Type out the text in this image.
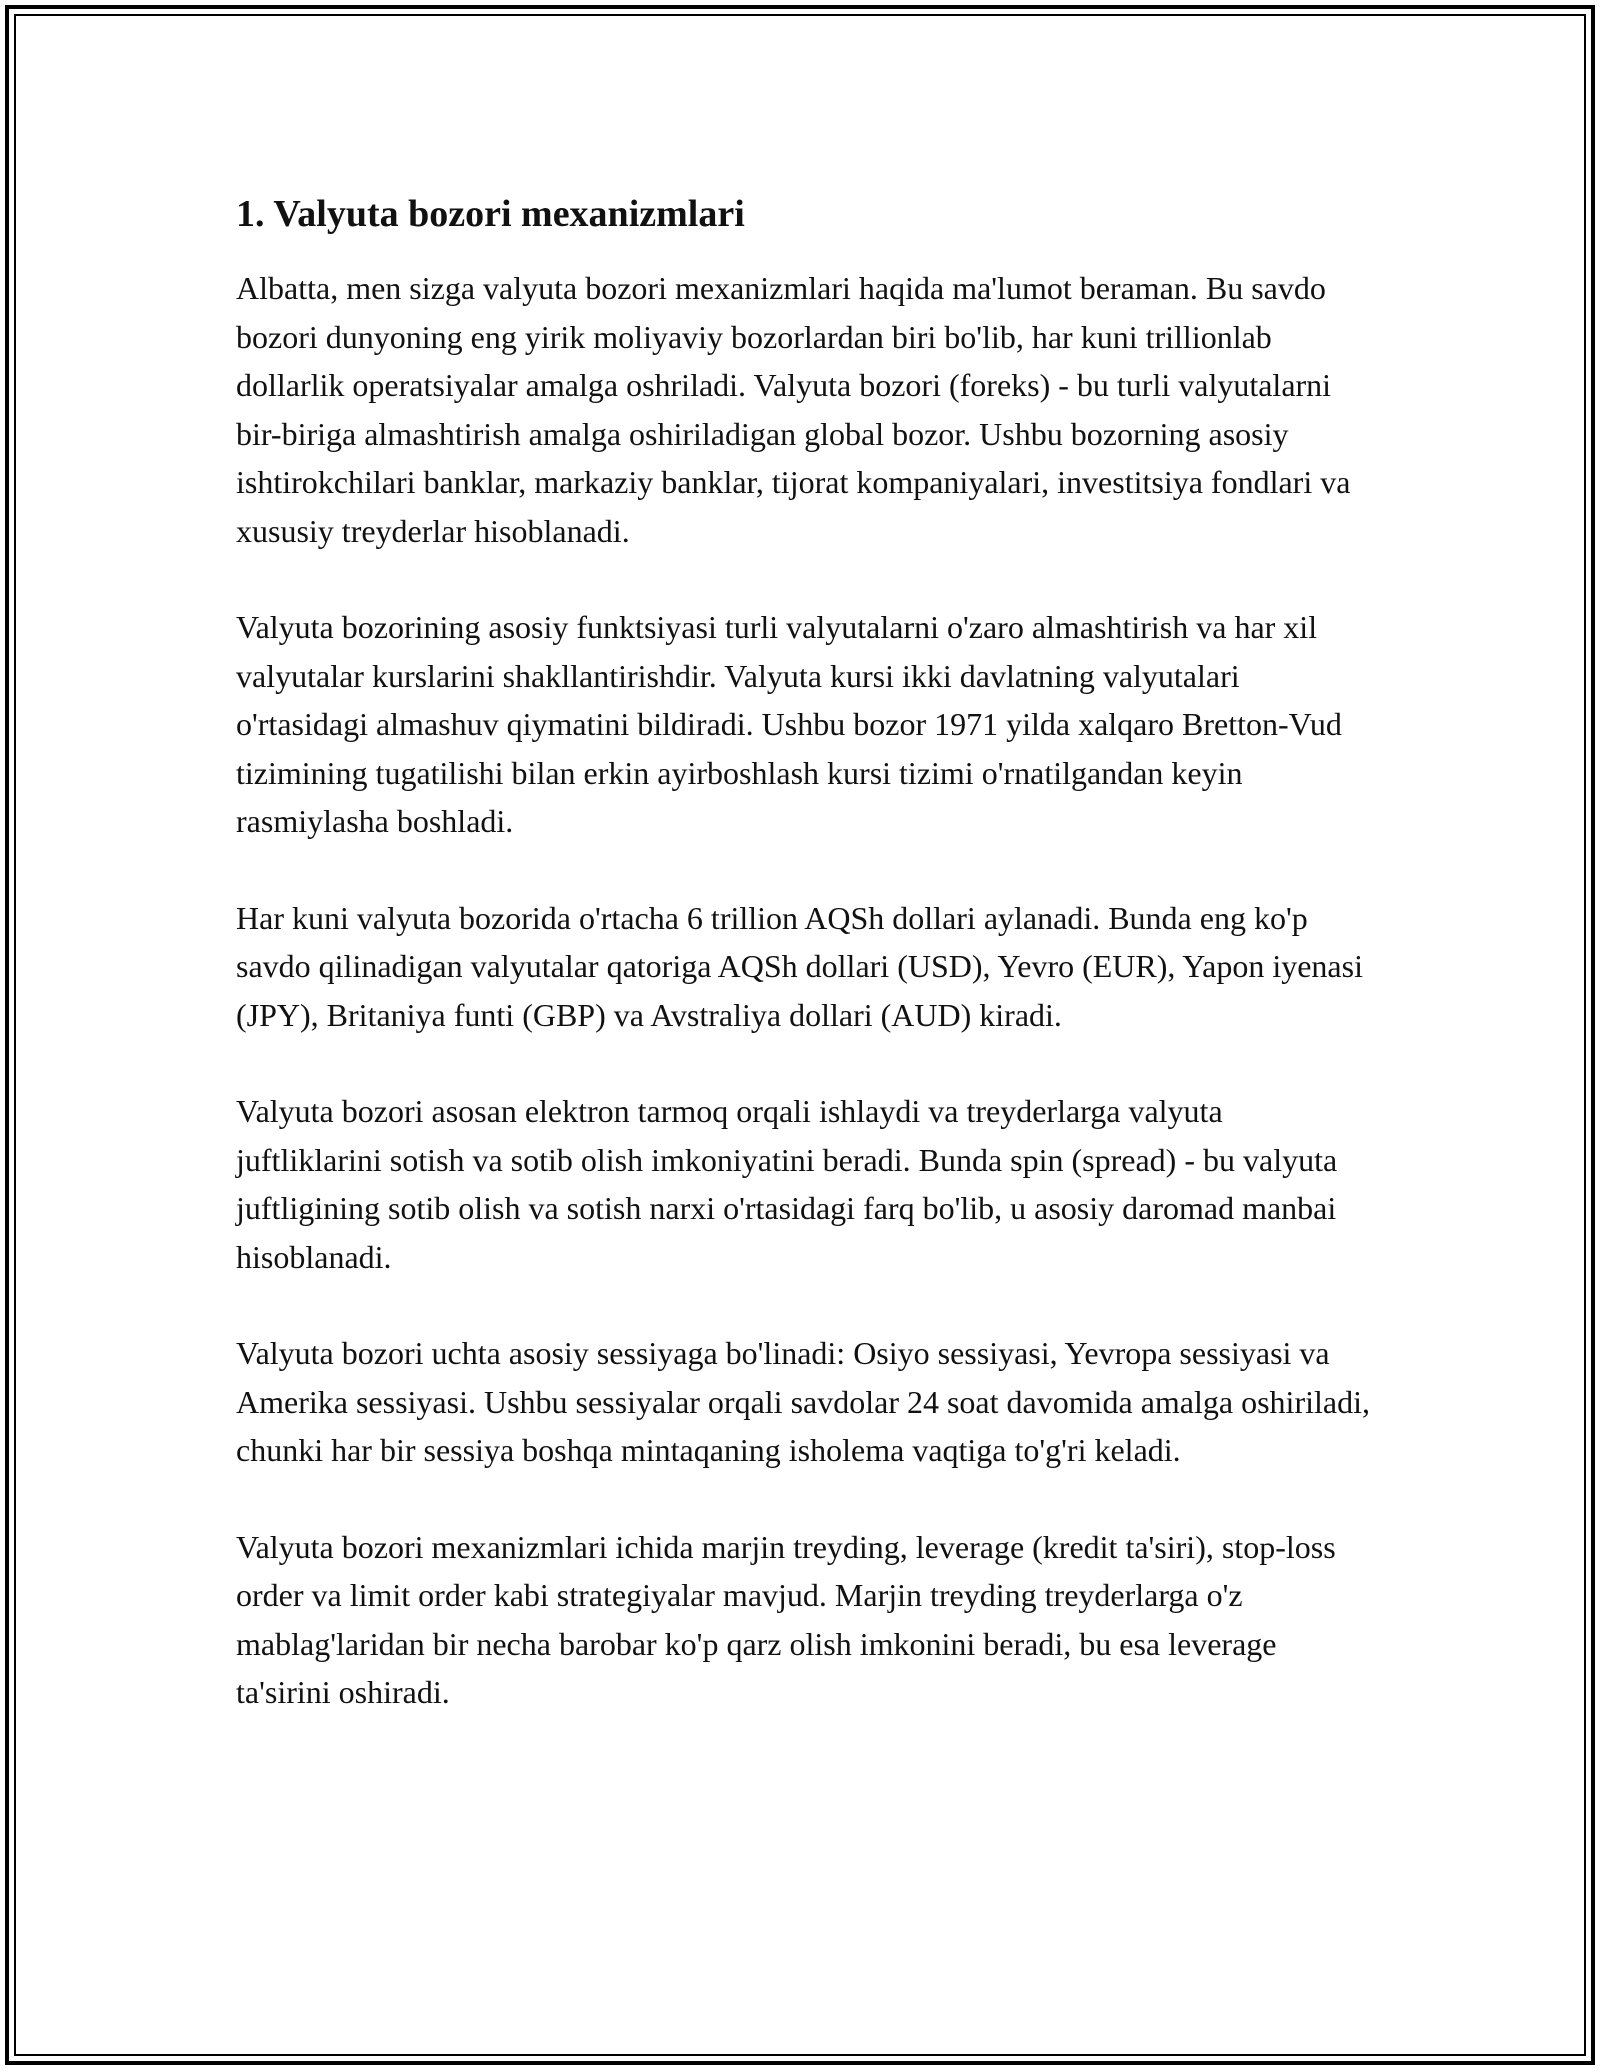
1. Valyuta bozori mexanizmlari

Albatta, men sizga valyuta bozori mexanizmlari haqida ma'lumot beraman. Bu savdo bozori dunyoning eng yirik moliyaviy bozorlardan biri bo'lib, har kuni trillionlab dollarlik operatsiyalar amalga oshriladi. Valyuta bozori (foreks) - bu turli valyutalarni bir-biriga almashtirish amalga oshiriladigan global bozor. Ushbu bozorning asosiy ishtirokchilari banklar, markaziy banklar, tijorat kompaniyalari, investitsiya fondlari va xususiy treyderlar hisoblanadi.

Valyuta bozorining asosiy funktsiyasi turli valyutalarni o'zaro almashtirish va har xil valyutalar kurslarini shakllantirishdir. Valyuta kursi ikki davlatning valyutalari o'rtasidagi almashuv qiymatini bildiradi. Ushbu bozor 1971 yilda xalqaro Bretton-Vud tizimining tugatilishi bilan erkin ayirboshlash kursi tizimi o'rnatilgandan keyin rasmiylasha boshladi.

Har kuni valyuta bozorida o'rtacha 6 trillion AQSh dollari aylanadi. Bunda eng ko'p savdo qilinadigan valyutalar qatoriga AQSh dollari (USD), Yevro (EUR), Yapon iyenasi (JPY), Britaniya funti (GBP) va Avstraliya dollari (AUD) kiradi.

Valyuta bozori asosan elektron tarmoq orqali ishlaydi va treyderlarga valyuta juftliklarini sotish va sotib olish imkoniyatini beradi. Bunda spin (spread) - bu valyuta juftligining sotib olish va sotish narxi o'rtasidagi farq bo'lib, u asosiy daromad manbai hisoblanadi.

Valyuta bozori uchta asosiy sessiyaga bo'linadi: Osiyo sessiyasi, Yevropa sessiyasi va Amerika sessiyasi. Ushbu sessiyalar orqali savdolar 24 soat davomida amalga oshiriladi, chunki har bir sessiya boshqa mintaqaning isholema vaqtiga to'g'ri keladi.

Valyuta bozori mexanizmlari ichida marjin treyding, leverage (kredit ta'siri), stop-loss order va limit order kabi strategiyalar mavjud. Marjin treyding treyderlarga o'z mablag'laridan bir necha barobar ko'p qarz olish imkonini beradi, bu esa leverage ta'sirini oshiradi.
